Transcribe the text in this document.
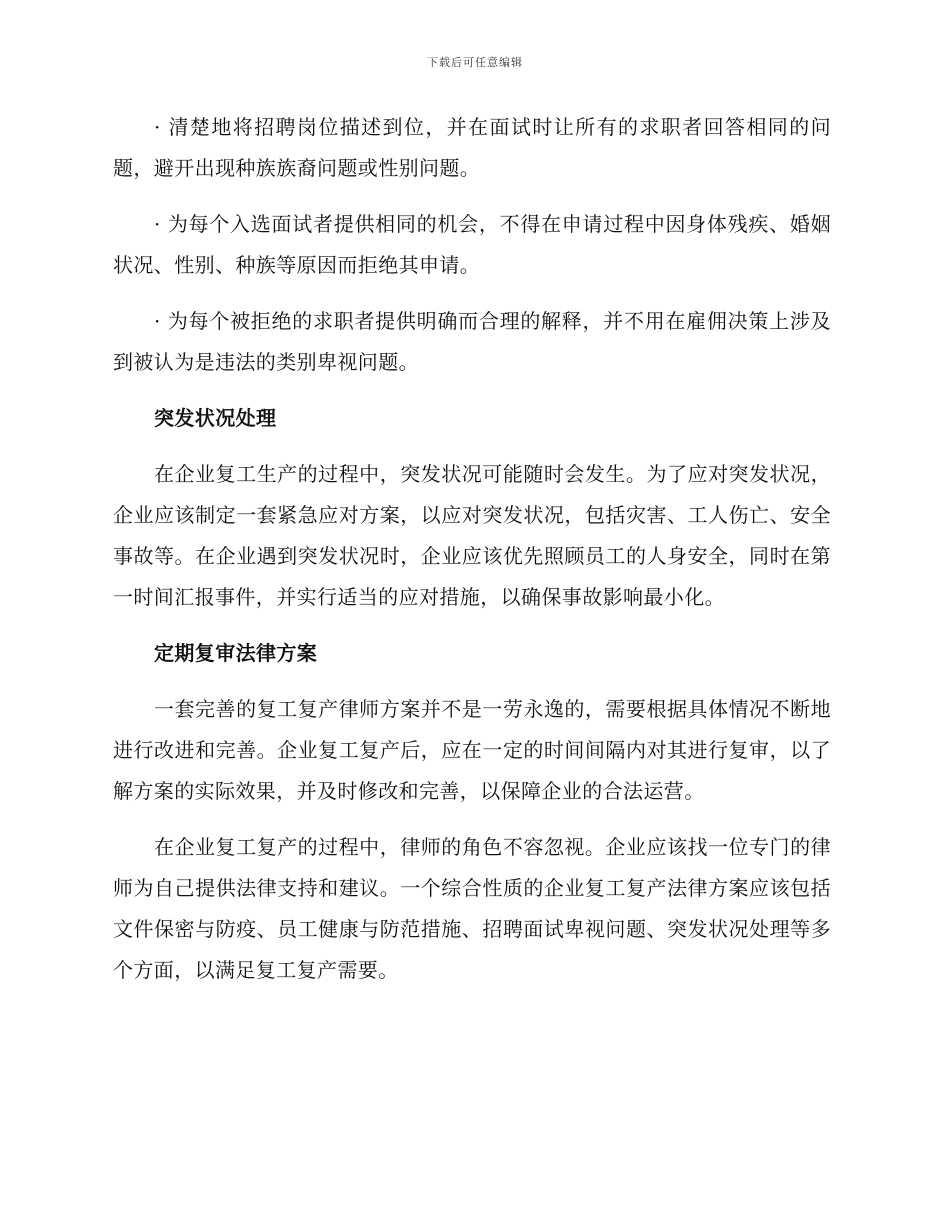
下载后可任意编辑

· 清楚地将招聘岗位描述到位，并在面试时让所有的求职者回答相同的问题，避开出现种族族裔问题或性别问题。

· 为每个入选面试者提供相同的机会，不得在申请过程中因身体残疾、婚姻状况、性别、种族等原因而拒绝其申请。

· 为每个被拒绝的求职者提供明确而合理的解释，并不用在雇佣决策上涉及到被认为是违法的类别卑视问题。

突发状况处理

在企业复工生产的过程中，突发状况可能随时会发生。为了应对突发状况，企业应该制定一套紧急应对方案，以应对突发状况，包括灾害、工人伤亡、安全事故等。在企业遇到突发状况时，企业应该优先照顾员工的人身安全，同时在第一时间汇报事件，并实行适当的应对措施，以确保事故影响最小化。

定期复审法律方案

一套完善的复工复产律师方案并不是一劳永逸的，需要根据具体情况不断地进行改进和完善。企业复工复产后，应在一定的时间间隔内对其进行复审，以了解方案的实际效果，并及时修改和完善，以保障企业的合法运营。

在企业复工复产的过程中，律师的角色不容忽视。企业应该找一位专门的律师为自己提供法律支持和建议。一个综合性质的企业复工复产法律方案应该包括文件保密与防疫、员工健康与防范措施、招聘面试卑视问题、突发状况处理等多个方面，以满足复工复产需要。
